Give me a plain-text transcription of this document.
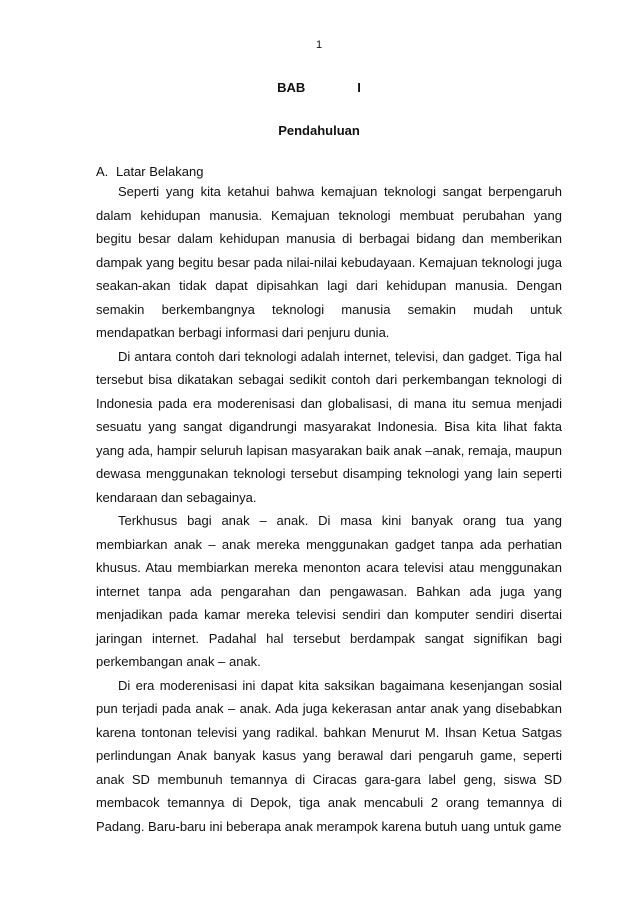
1
BAB	I
Pendahuluan
A. Latar Belakang

Seperti yang kita ketahui bahwa kemajuan teknologi sangat berpengaruh dalam kehidupan manusia. Kemajuan teknologi membuat perubahan yang begitu besar dalam kehidupan manusia di berbagai bidang dan memberikan dampak yang begitu besar pada nilai-nilai kebudayaan. Kemajuan teknologi juga seakan-akan tidak dapat dipisahkan lagi dari kehidupan manusia. Dengan semakin berkembangnya teknologi manusia semakin mudah untuk mendapatkan berbagi informasi dari penjuru dunia.

Di antara contoh dari teknologi adalah internet, televisi, dan gadget. Tiga hal tersebut bisa dikatakan sebagai sedikit contoh dari perkembangan teknologi di Indonesia pada era moderenisasi dan globalisasi, di mana itu semua menjadi sesuatu yang sangat digandrungi masyarakat Indonesia. Bisa kita lihat fakta yang ada, hampir seluruh lapisan masyarakan baik anak –anak, remaja, maupun dewasa menggunakan teknologi tersebut disamping teknologi yang lain seperti kendaraan dan sebagainya.

Terkhusus bagi anak – anak. Di masa kini banyak orang tua yang membiarkan anak – anak mereka menggunakan gadget tanpa ada perhatian khusus. Atau membiarkan mereka menonton acara televisi atau menggunakan internet tanpa ada pengarahan dan pengawasan. Bahkan ada juga yang menjadikan pada kamar mereka televisi sendiri dan komputer sendiri disertai jaringan internet. Padahal hal tersebut berdampak sangat signifikan bagi perkembangan anak – anak.

Di era moderenisasi ini dapat kita saksikan bagaimana kesenjangan sosial pun terjadi pada anak – anak. Ada juga kekerasan antar anak yang disebabkan karena tontonan televisi yang radikal. bahkan Menurut M. Ihsan Ketua Satgas perlindungan Anak banyak kasus yang berawal dari pengaruh game, seperti anak SD membunuh temannya di Ciracas gara-gara label geng, siswa SD membacok temannya di Depok, tiga anak mencabuli 2 orang temannya di Padang. Baru-baru ini beberapa anak merampok karena butuh uang untuk game
